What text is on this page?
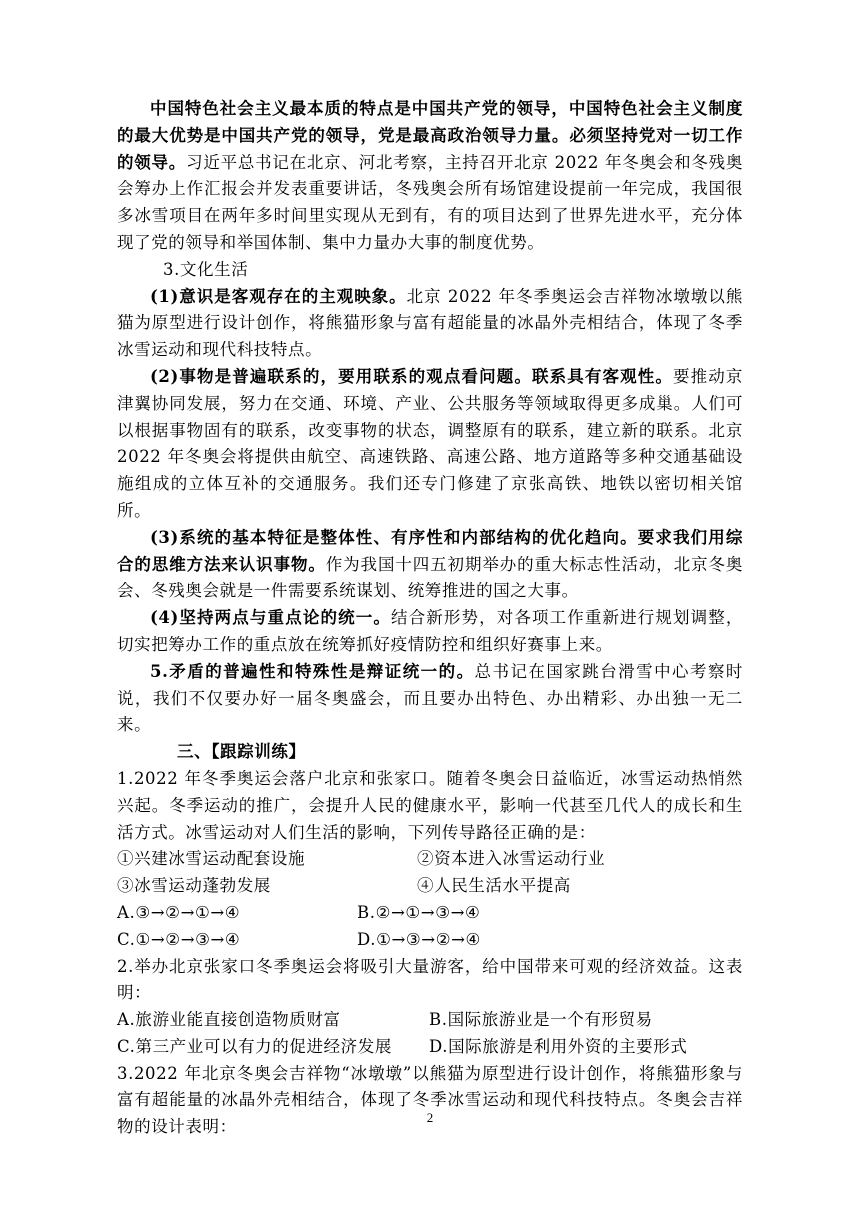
中国特色社会主义最本质的特点是中国共产党的领导，中国特色社会主义制度的最大优势是中国共产党的领导，党是最高政治领导力量。必须坚持党对一切工作的领导。习近平总书记在北京、河北考察，主持召开北京 2022 年冬奥会和冬残奥会筹办上作汇报会并发表重要讲话，冬残奥会所有场馆建设提前一年完成，我国很多冰雪项目在两年多时间里实现从无到有，有的项目达到了世界先进水平，充分体现了党的领导和举国体制、集中力量办大事的制度优势。

3.文化生活

(1)意识是客观存在的主观映象。北京 2022 年冬季奥运会吉祥物冰墩墩以熊猫为原型进行设计创作，将熊猫形象与富有超能量的冰晶外壳相结合，体现了冬季冰雪运动和现代科技特点。

(2)事物是普遍联系的，要用联系的观点看问题。联系具有客观性。要推动京津翼协同发展，努力在交通、环境、产业、公共服务等领域取得更多成巢。人们可以根据事物固有的联系，改变事物的状态，调整原有的联系，建立新的联系。北京 2022 年冬奥会将提供由航空、高速铁路、高速公路、地方道路等多种交通基础设施组成的立体互补的交通服务。我们还专门修建了京张高铁、地铁以密切相关馆所。

(3)系统的基本特征是整体性、有序性和内部结构的优化趋向。要求我们用综合的思维方法来认识事物。作为我国十四五初期举办的重大标志性活动，北京冬奥会、冬残奥会就是一件需要系统谋划、统筹推进的国之大事。

(4)坚持两点与重点论的统一。结合新形势，对各项工作重新进行规划调整，切实把筹办工作的重点放在统筹抓好疫情防控和组织好赛事上来。

5.矛盾的普遍性和特殊性是辩证统一的。总书记在国家跳台滑雪中心考察时说，我们不仅要办好一届冬奥盛会，而且要办出特色、办出精彩、办出独一无二来。

三、【跟踪训练】

1.2022 年冬季奥运会落户北京和张家口。随着冬奥会日益临近，冰雪运动热悄然兴起。冬季运动的推广，会提升人民的健康水平，影响一代甚至几代人的成长和生活方式。冰雪运动对人们生活的影响，下列传导路径正确的是：

①兴建冰雪运动配套设施	②资本进入冰雪运动行业
③冰雪运动蓬勃发展	④人民生活水平提高
A.③→②→①→④	B.②→①→③→④
C.①→②→③→④	D.①→③→②→④

2.举办北京张家口冬季奥运会将吸引大量游客，给中国带来可观的经济效益。这表明：

A.旅游业能直接创造物质财富	B.国际旅游业是一个有形贸易
C.第三产业可以有力的促进经济发展	D.国际旅游是利用外资的主要形式

3.2022 年北京冬奥会吉祥物“冰墩墩”以熊猫为原型进行设计创作，将熊猫形象与富有超能量的冰晶外壳相结合，体现了冬季冰雪运动和现代科技特点。冬奥会吉祥物的设计表明：	2
